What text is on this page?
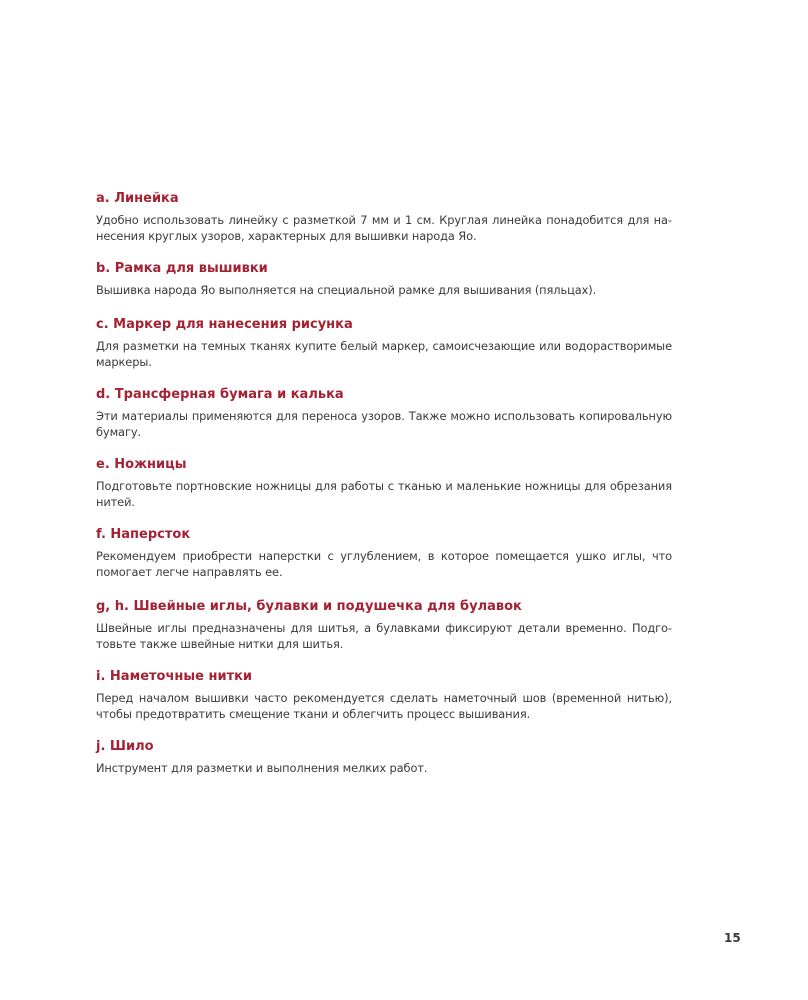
a. Линейка

Удобно использовать линейку с разметкой 7 мм и 1 см. Круглая линейка понадобится для нанесения круглых узоров, характерных для вышивки народа Яо.

b. Рамка для вышивки

Вышивка народа Яо выполняется на специальной рамке для вышивания (пяльцах).

c. Маркер для нанесения рисунка

Для разметки на темных тканях купите белый маркер, самоисчезающие или водорастворимые маркеры.

d. Трансферная бумага и калька

Эти материалы применяются для переноса узоров. Также можно использовать копировальную бумагу.

e. Ножницы

Подготовьте портновские ножницы для работы с тканью и маленькие ножницы для обрезания нитей.

f. Наперсток

Рекомендуем приобрести наперстки с углублением, в которое помещается ушко иглы, что помогает легче направлять ее.

g, h. Швейные иглы, булавки и подушечка для булавок

Швейные иглы предназначены для шитья, а булавками фиксируют детали временно. Подготовьте также швейные нитки для шитья.

i. Наметочные нитки

Перед началом вышивки часто рекомендуется сделать наметочный шов (временной нитью), чтобы предотвратить смещение ткани и облегчить процесс вышивания.

j. Шило

Инструмент для разметки и выполнения мелких работ.

15
